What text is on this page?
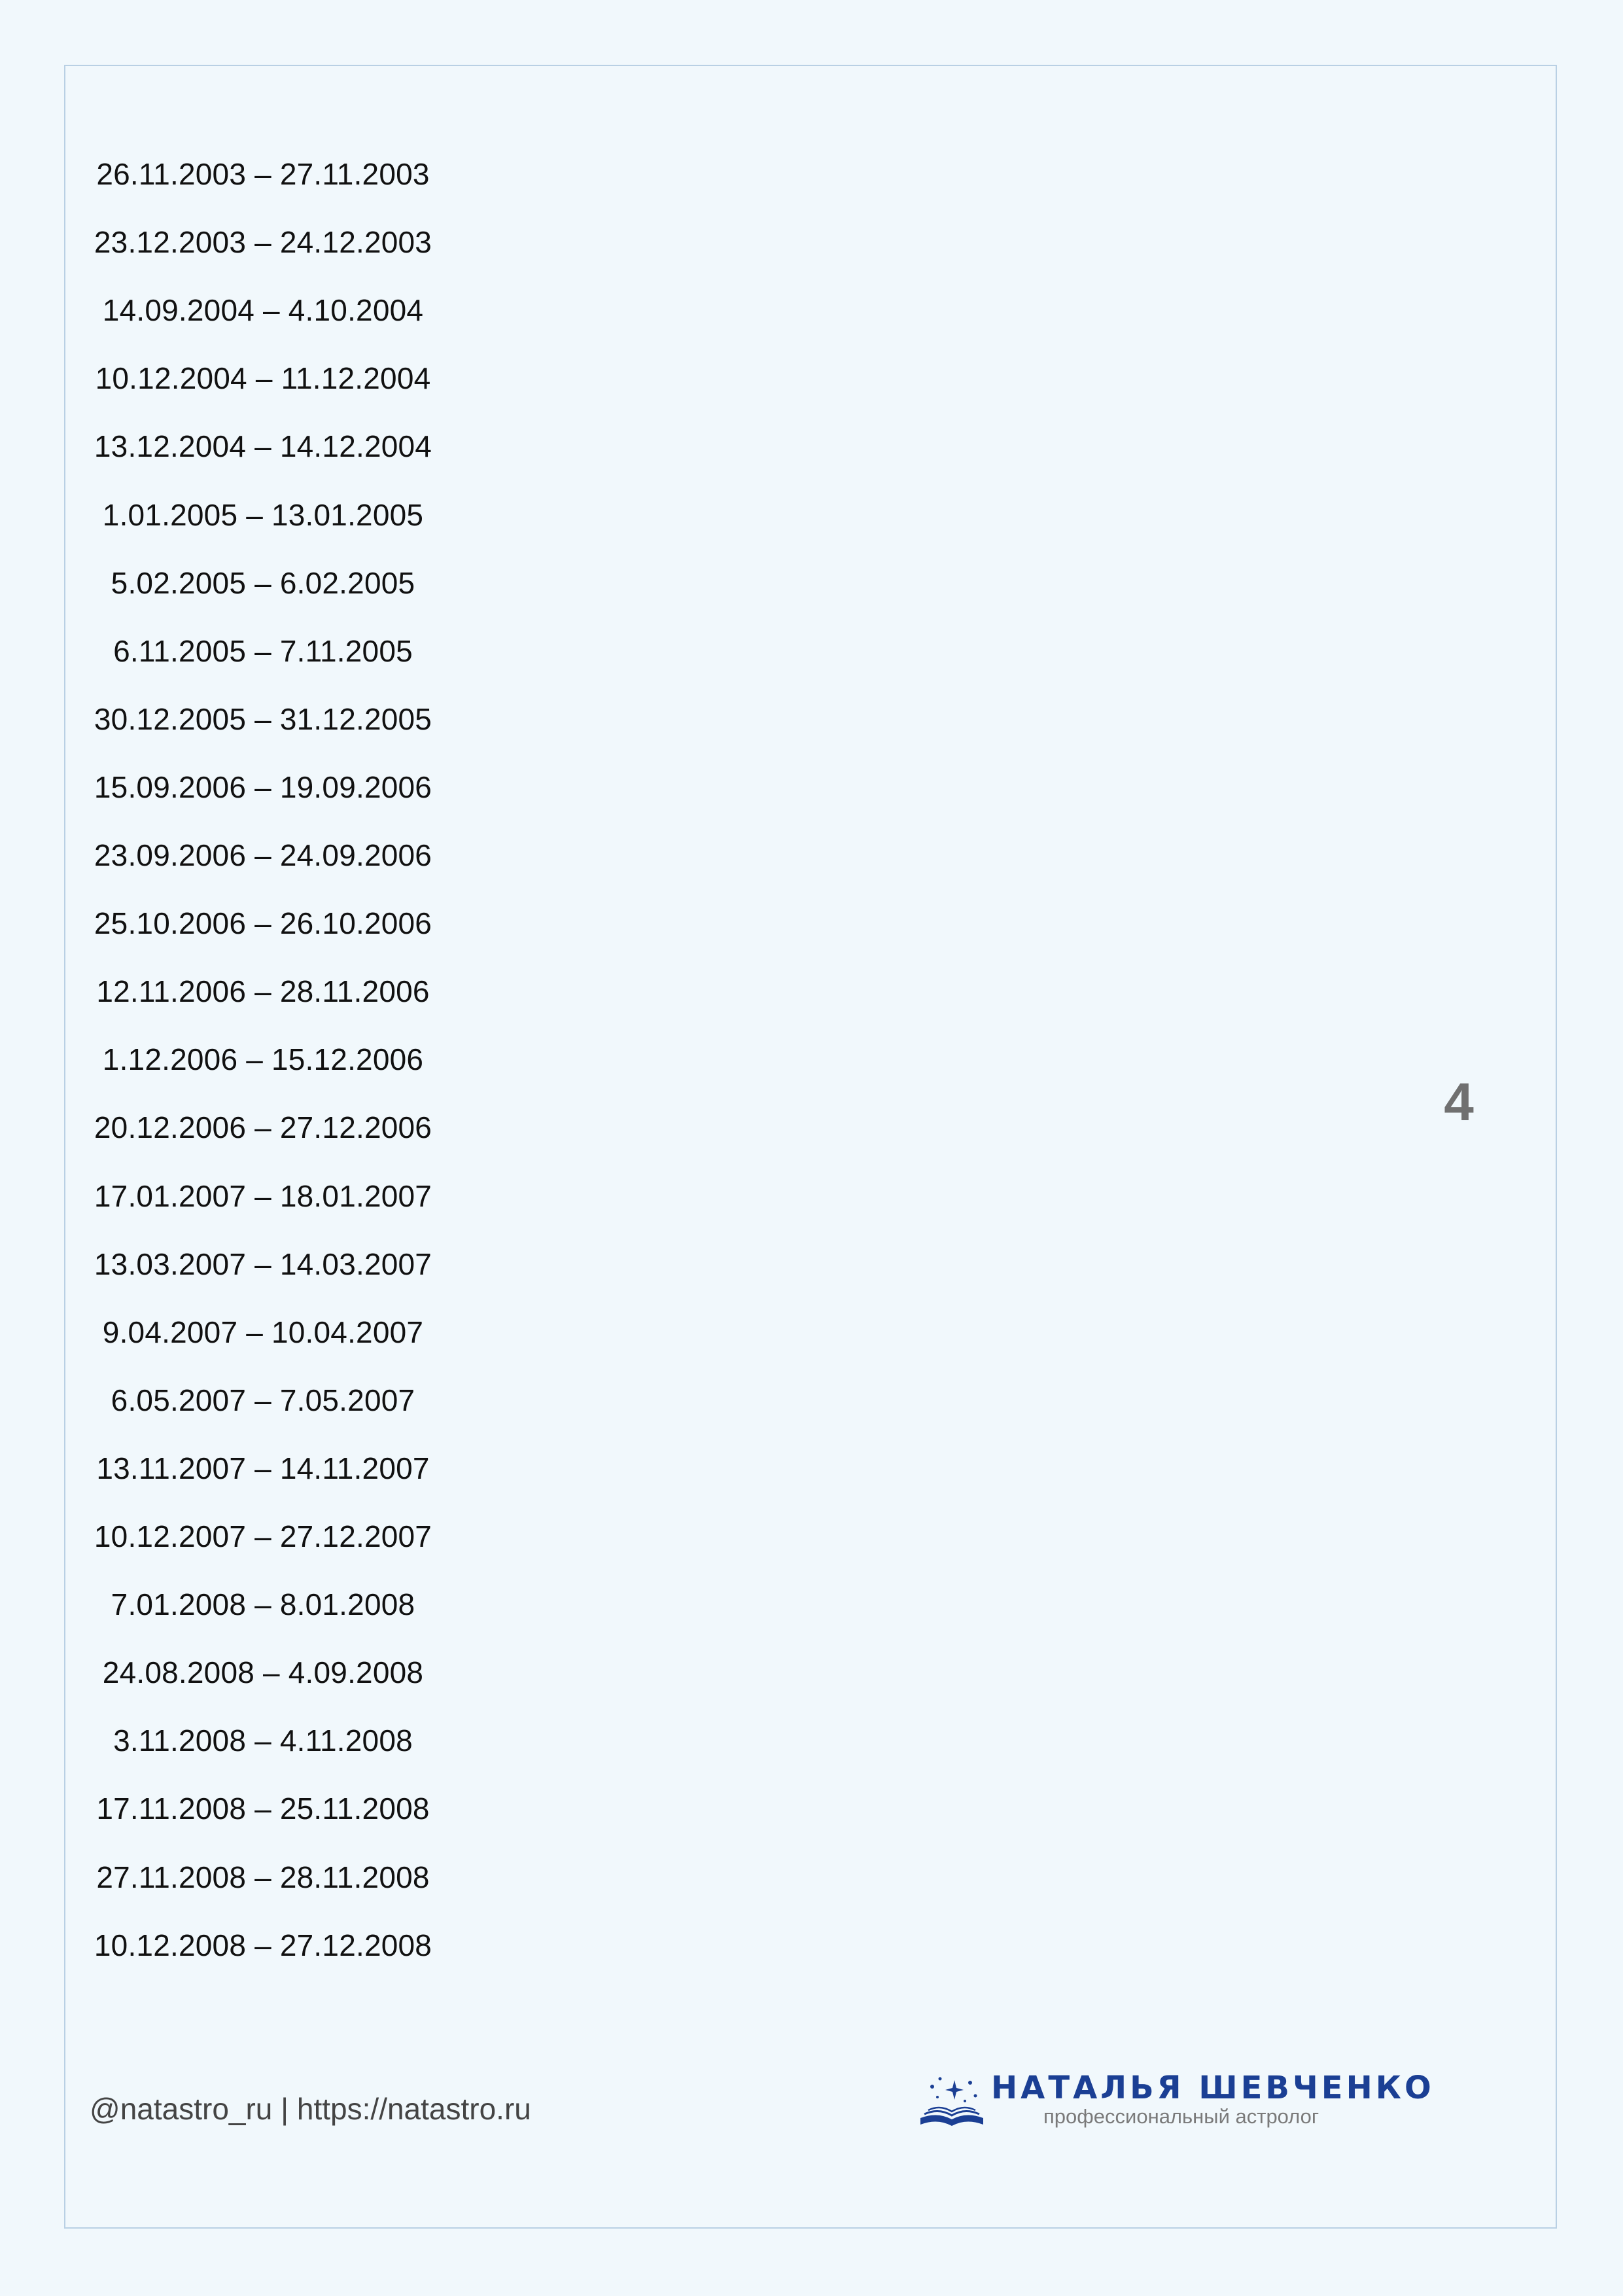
26.11.2003 – 27.11.2003
23.12.2003 – 24.12.2003
14.09.2004 – 4.10.2004
10.12.2004 – 11.12.2004
13.12.2004 – 14.12.2004
1.01.2005 – 13.01.2005
5.02.2005 – 6.02.2005
6.11.2005 – 7.11.2005
30.12.2005 – 31.12.2005
15.09.2006 – 19.09.2006
23.09.2006 – 24.09.2006
25.10.2006 – 26.10.2006
12.11.2006 – 28.11.2006
1.12.2006 – 15.12.2006
20.12.2006 – 27.12.2006
17.01.2007 – 18.01.2007
13.03.2007 – 14.03.2007
9.04.2007 – 10.04.2007
6.05.2007 – 7.05.2007
13.11.2007 – 14.11.2007
10.12.2007 – 27.12.2007
7.01.2008 – 8.01.2008
24.08.2008 – 4.09.2008
3.11.2008 – 4.11.2008
17.11.2008 – 25.11.2008
27.11.2008 – 28.11.2008
10.12.2008 – 27.12.2008
4
@natastro_ru | https://natastro.ru
НАТАЛЬЯ ШЕВЧЕНКО
профессиональный астролог
